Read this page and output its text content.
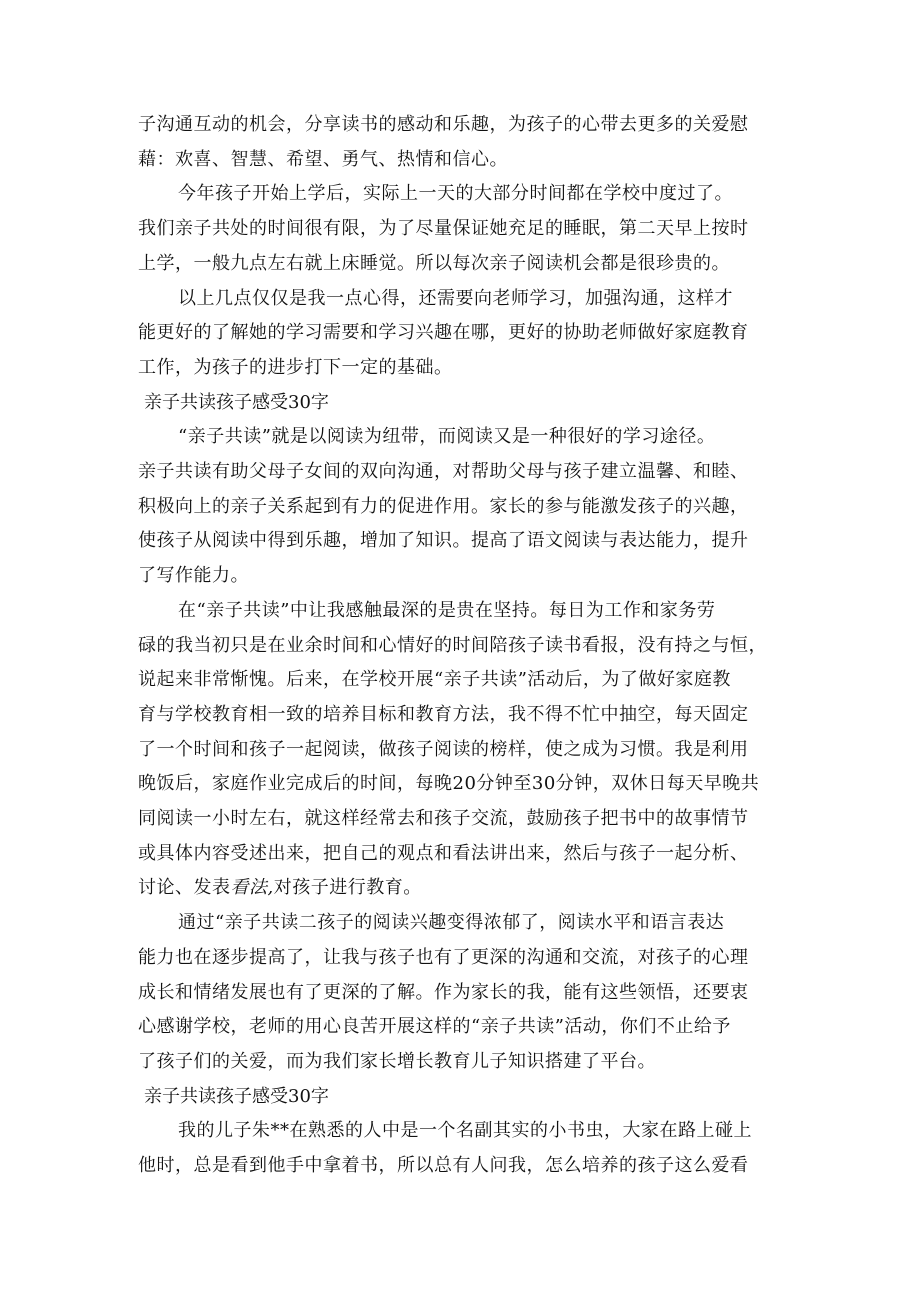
子沟通互动的机会，分享读书的感动和乐趣，为孩子的心带去更多的关爱慰
藉：欢喜、智慧、希望、勇气、热情和信心。
今年孩子开始上学后，实际上一天的大部分时间都在学校中度过了。
我们亲子共处的时间很有限，为了尽量保证她充足的睡眠，第二天早上按时
上学，一般九点左右就上床睡觉。所以每次亲子阅读机会都是很珍贵的。
以上几点仅仅是我一点心得，还需要向老师学习，加强沟通，这样才
能更好的了解她的学习需要和学习兴趣在哪，更好的协助老师做好家庭教育
工作，为孩子的进步打下一定的基础。
亲子共读孩子感受30字
“亲子共读”就是以阅读为纽带，而阅读又是一种很好的学习途径。
亲子共读有助父母子女间的双向沟通，对帮助父母与孩子建立温馨、和睦、
积极向上的亲子关系起到有力的促进作用。家长的参与能激发孩子的兴趣，
使孩子从阅读中得到乐趣，增加了知识。提高了语文阅读与表达能力，提升
了写作能力。
在“亲子共读”中让我感触最深的是贵在坚持。每日为工作和家务劳
碌的我当初只是在业余时间和心情好的时间陪孩子读书看报，没有持之与恒，
说起来非常惭愧。后来，在学校开展“亲子共读”活动后，为了做好家庭教
育与学校教育相一致的培养目标和教育方法，我不得不忙中抽空，每天固定
了一个时间和孩子一起阅读，做孩子阅读的榜样，使之成为习惯。我是利用
晚饭后，家庭作业完成后的时间，每晚20分钟至30分钟，双休日每天早晚共
同阅读一小时左右，就这样经常去和孩子交流，鼓励孩子把书中的故事情节
或具体内容受述出来，把自己的观点和看法讲出来，然后与孩子一起分析、
讨论、发表看法,对孩子进行教育。
通过“亲子共读二孩子的阅读兴趣变得浓郁了，阅读水平和语言表达
能力也在逐步提高了，让我与孩子也有了更深的沟通和交流，对孩子的心理
成长和情绪发展也有了更深的了解。作为家长的我，能有这些领悟，还要衷
心感谢学校，老师的用心良苦开展这样的“亲子共读”活动，你们不止给予
了孩子们的关爱，而为我们家长增长教育儿子知识搭建了平台。
亲子共读孩子感受30字
我的儿子朱**在熟悉的人中是一个名副其实的小书虫，大家在路上碰上
他时，总是看到他手中拿着书，所以总有人问我，怎么培养的孩子这么爱看
